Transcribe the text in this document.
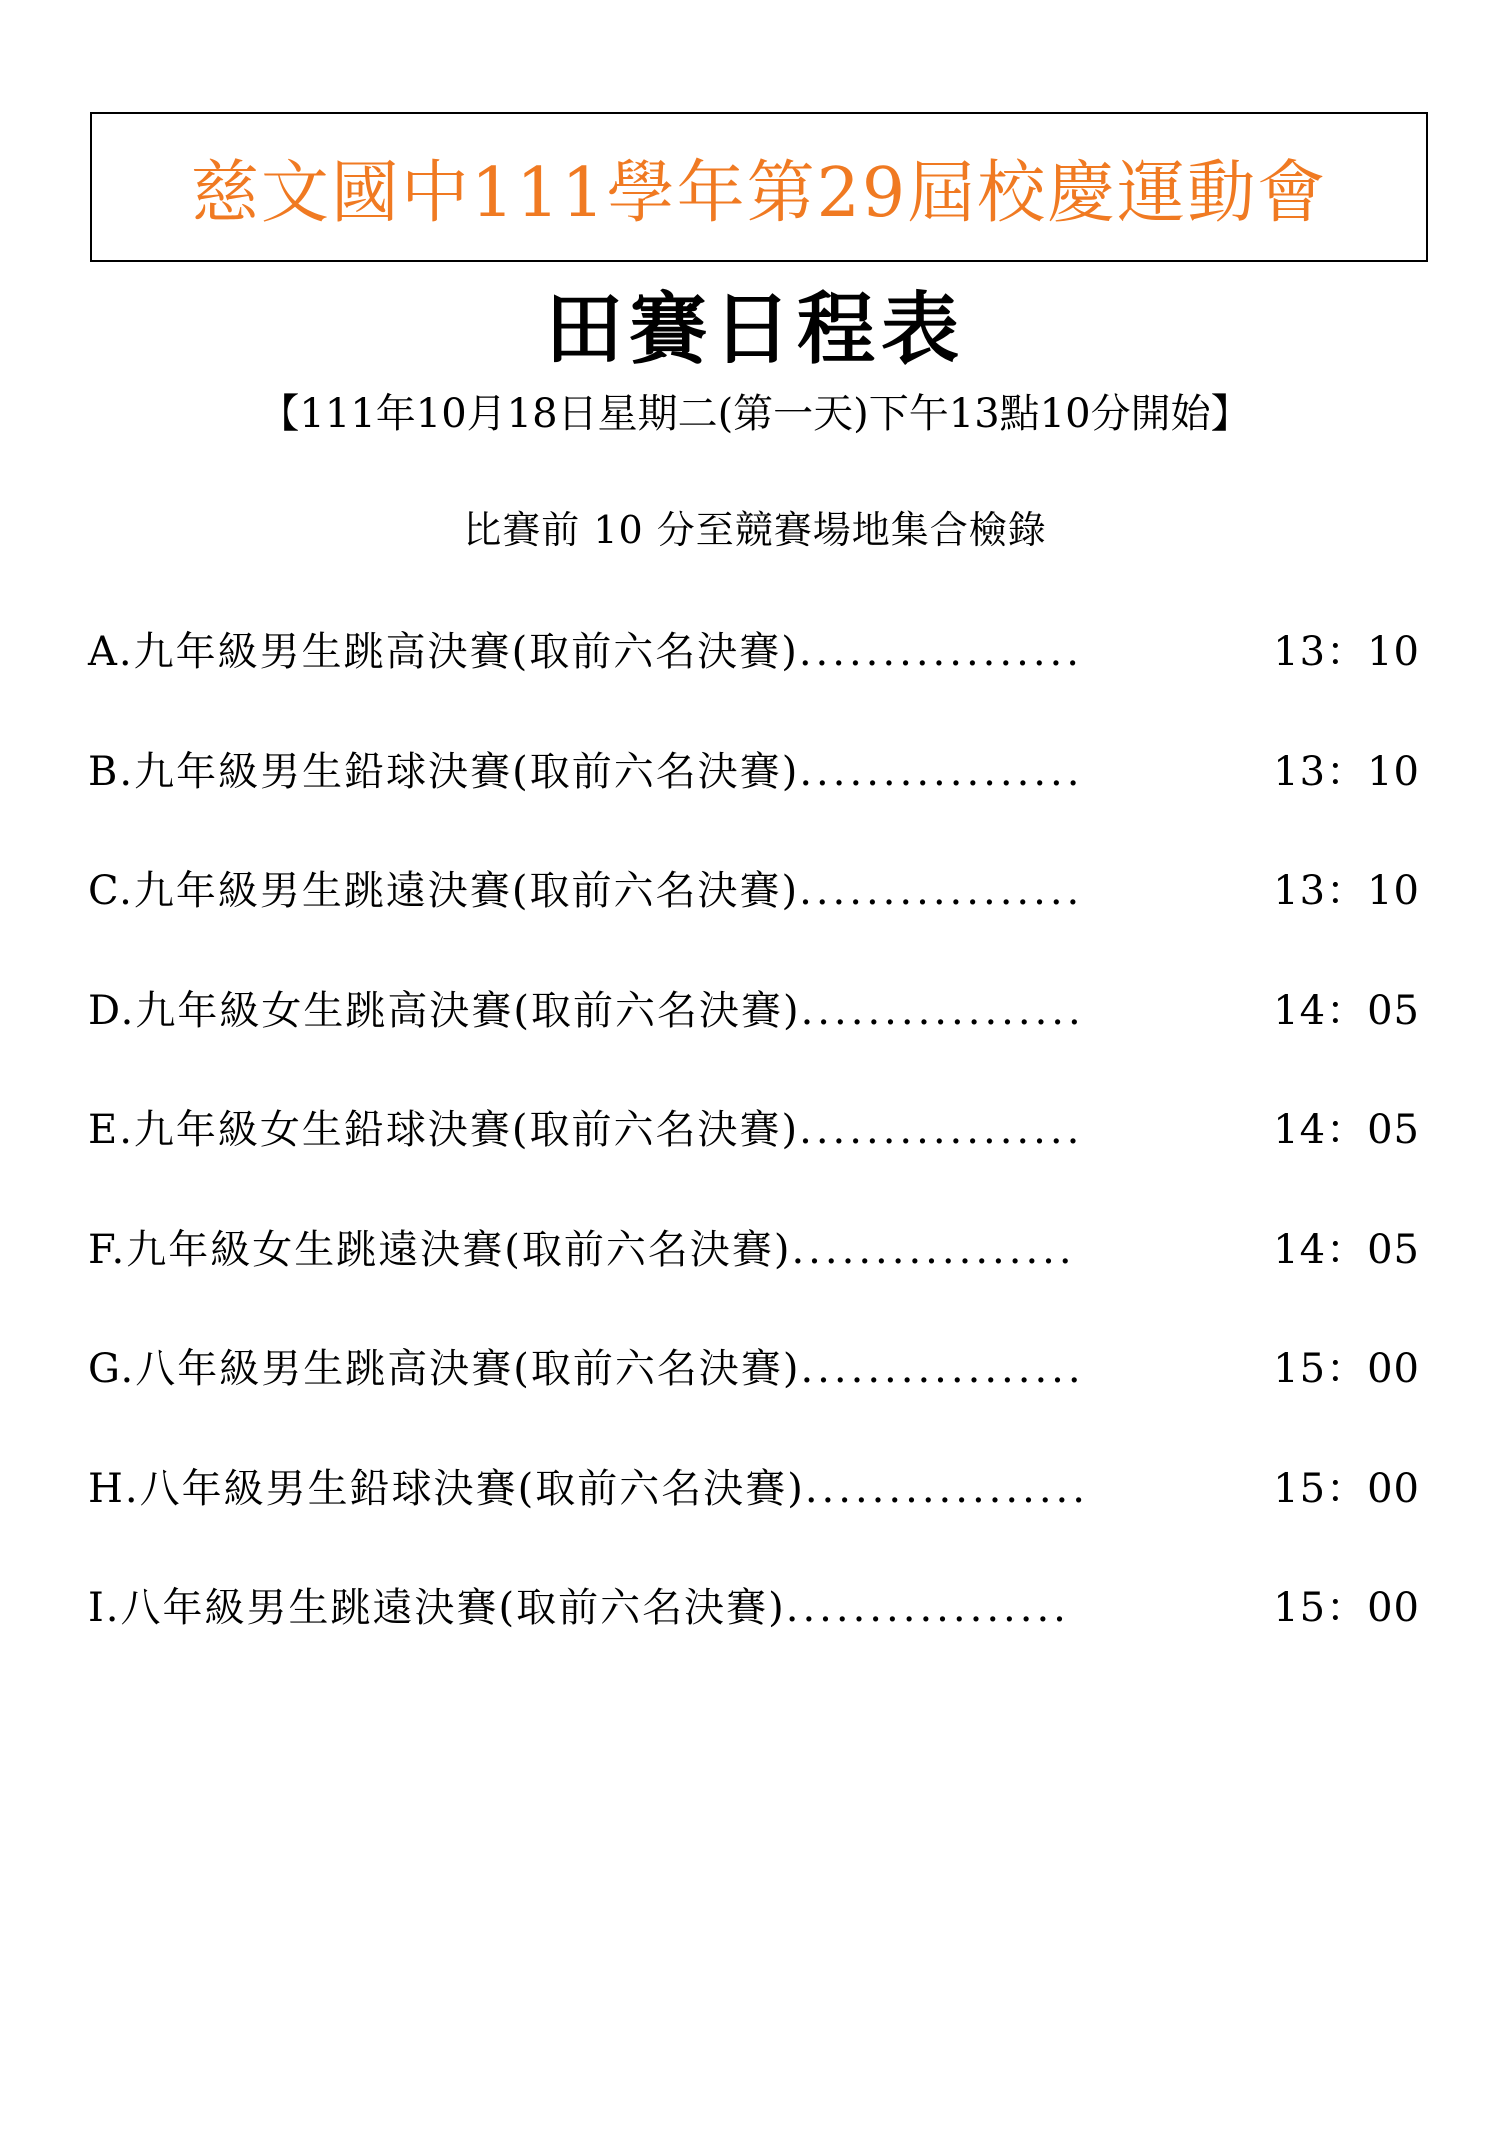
慈文國中111學年第29屆校慶運動會
田賽日程表
【111年10月18日星期二(第一天)下午13點10分開始】
比賽前 10 分至競賽場地集合檢錄
A.九年級男生跳高決賽(取前六名決賽) .................	13：10
B.九年級男生鉛球決賽(取前六名決賽) .................	13：10
C.九年級男生跳遠決賽(取前六名決賽) .................	13：10
D.九年級女生跳高決賽(取前六名決賽) .................	14：05
E.九年級女生鉛球決賽(取前六名決賽) .................	14：05
F.九年級女生跳遠決賽(取前六名決賽) .................	14：05
G.八年級男生跳高決賽(取前六名決賽) .................	15：00
H.八年級男生鉛球決賽(取前六名決賽) .................	15：00
I.八年級男生跳遠決賽(取前六名決賽) .................	15：00
